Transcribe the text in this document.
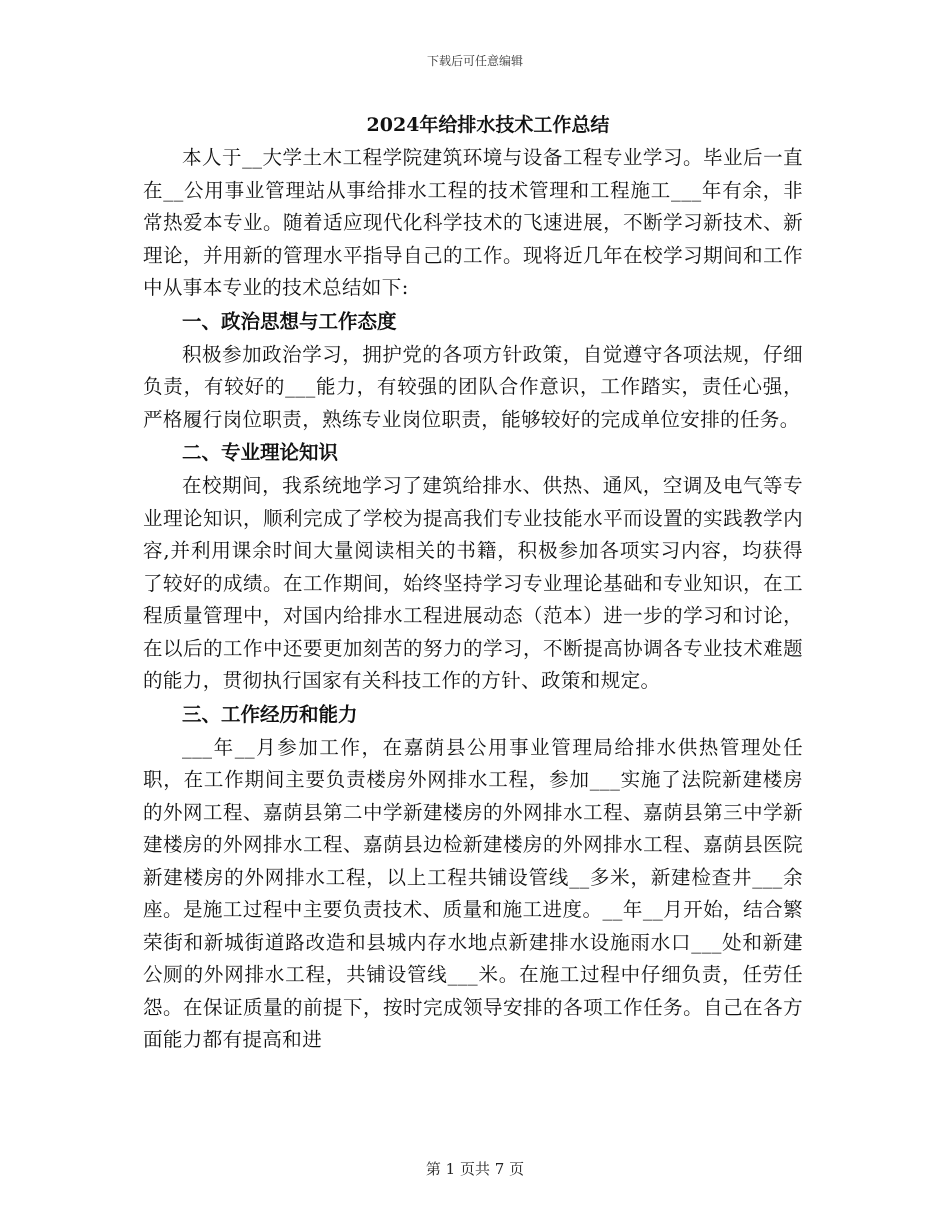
下载后可任意编辑
2024年给排水技术工作总结

本人于__大学土木工程学院建筑环境与设备工程专业学习。毕业后一直在__公用事业管理站从事给排水工程的技术管理和工程施工___年有余，非常热爱本专业。随着适应现代化科学技术的飞速进展，不断学习新技术、新理论，并用新的管理水平指导自己的工作。现将近几年在校学习期间和工作中从事本专业的技术总结如下:

一、政治思想与工作态度

积极参加政治学习，拥护党的各项方针政策，自觉遵守各项法规，仔细负责，有较好的___能力，有较强的团队合作意识，工作踏实，责任心强，严格履行岗位职责，熟练专业岗位职责，能够较好的完成单位安排的任务。

二、专业理论知识

在校期间，我系统地学习了建筑给排水、供热、通风，空调及电气等专业理论知识，顺利完成了学校为提高我们专业技能水平而设置的实践教学内容,并利用课余时间大量阅读相关的书籍，积极参加各项实习内容，均获得了较好的成绩。在工作期间，始终坚持学习专业理论基础和专业知识，在工程质量管理中，对国内给排水工程进展动态（范本）进一步的学习和讨论，在以后的工作中还要更加刻苦的努力的学习，不断提高协调各专业技术难题的能力，贯彻执行国家有关科技工作的方针、政策和规定。

三、工作经历和能力

___年__月参加工作，在嘉荫县公用事业管理局给排水供热管理处任职，在工作期间主要负责楼房外网排水工程，参加___实施了法院新建楼房的外网工程、嘉荫县第二中学新建楼房的外网排水工程、嘉荫县第三中学新建楼房的外网排水工程、嘉荫县边检新建楼房的外网排水工程、嘉荫县医院新建楼房的外网排水工程，以上工程共铺设管线__多米，新建检查井___余座。是施工过程中主要负责技术、质量和施工进度。__年__月开始，结合繁荣街和新城街道路改造和县城内存水地点新建排水设施雨水口___处和新建公厕的外网排水工程，共铺设管线___米。在施工过程中仔细负责，任劳任怨。在保证质量的前提下，按时完成领导安排的各项工作任务。自己在各方面能力都有提高和进

第 1 页共 7 页
